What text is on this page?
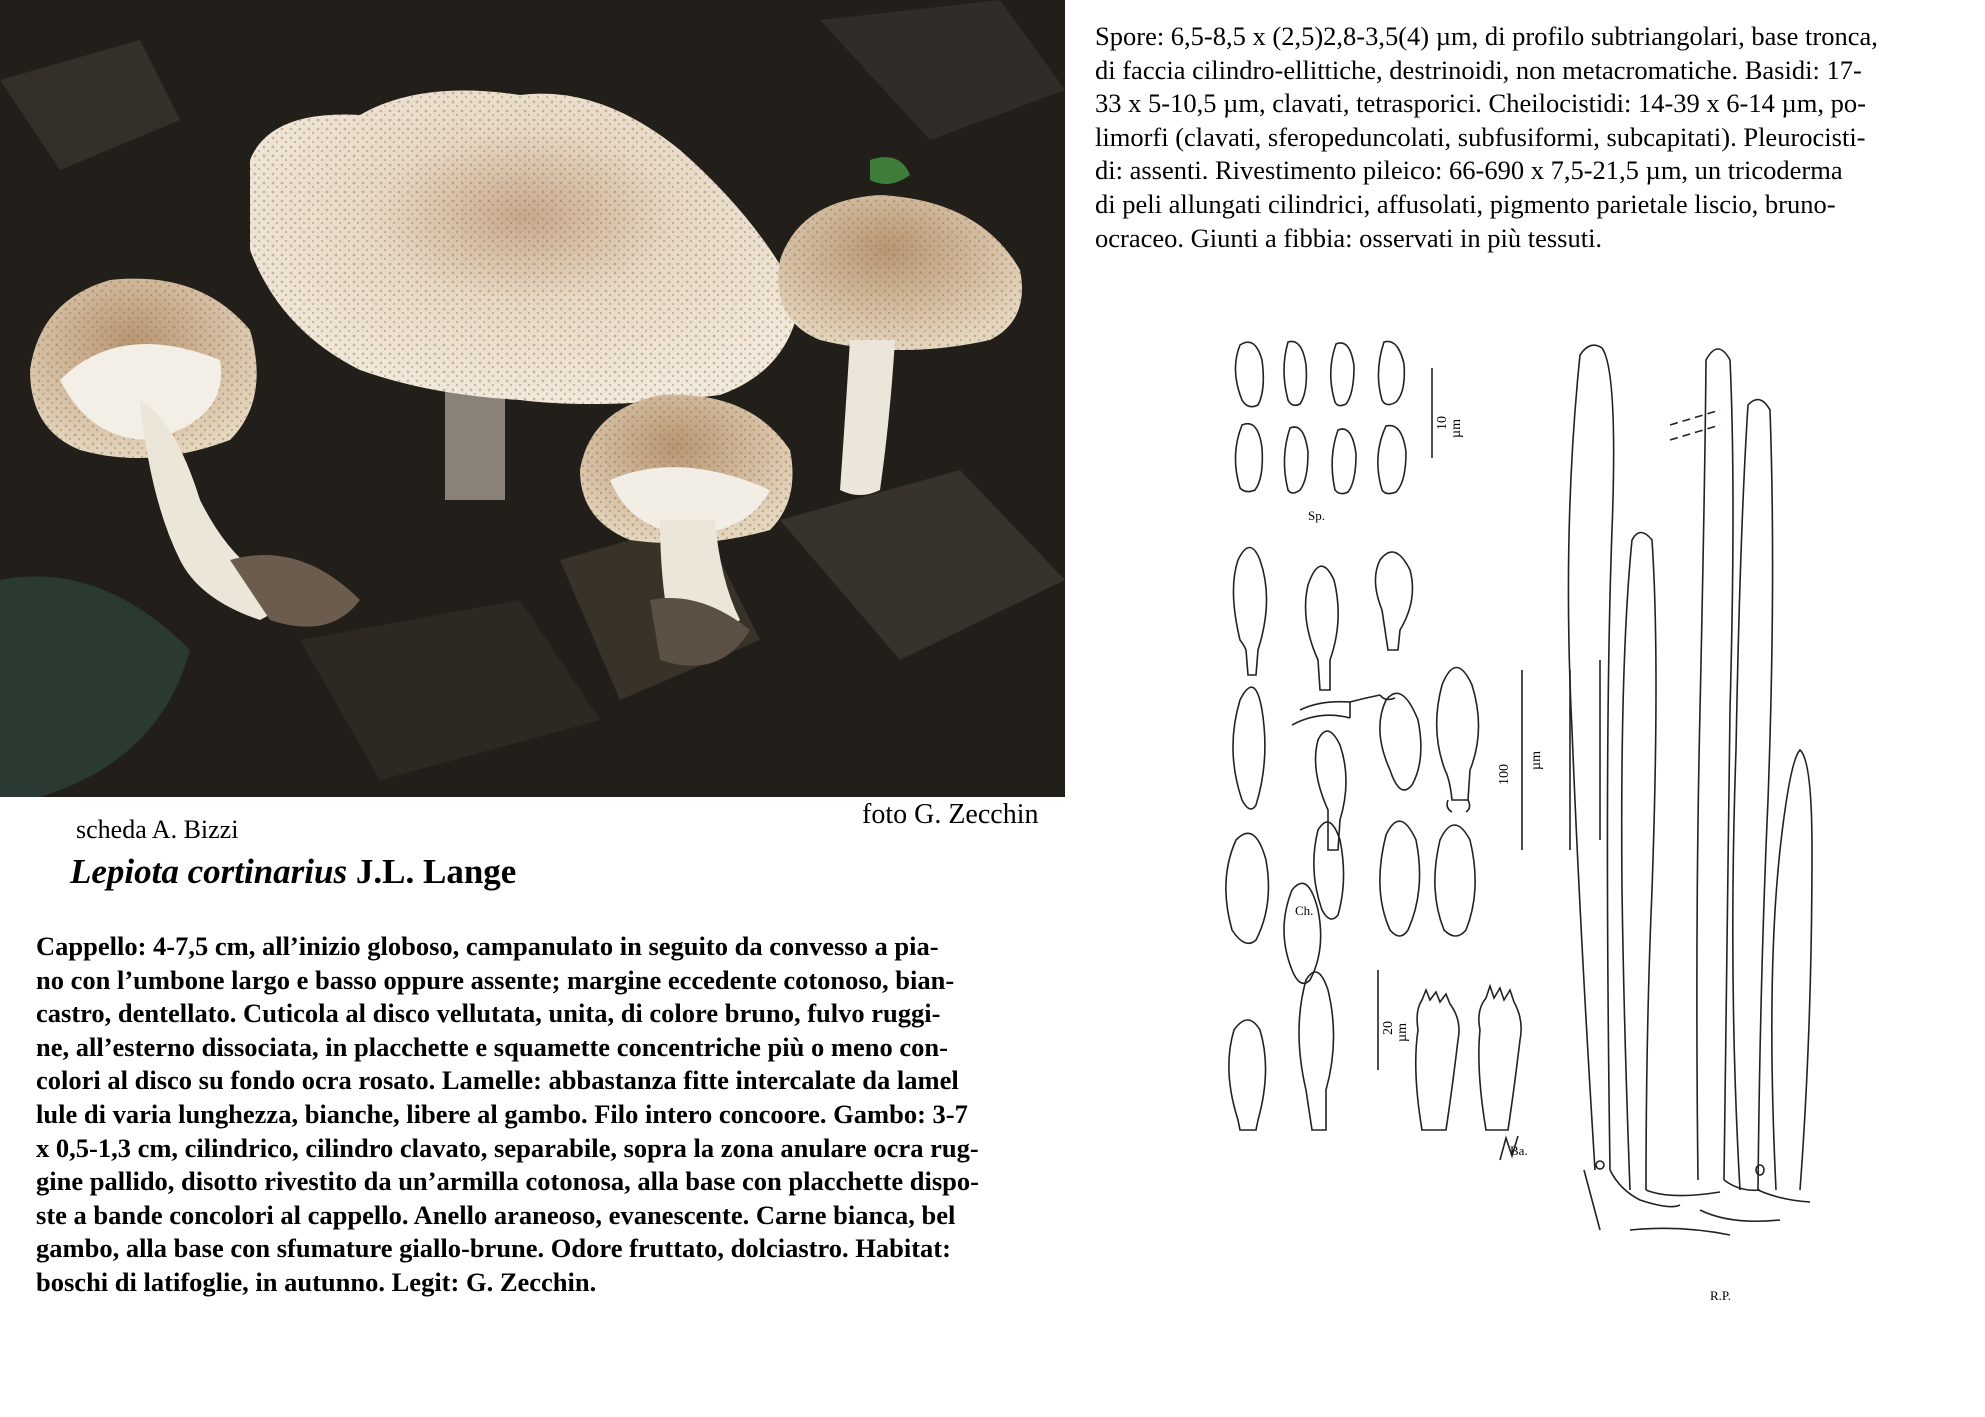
foto G. Zecchin
scheda A. Bizzi
Lepiota cortinarius J.L. Lange
Cappello: 4-7,5 cm, all’inizio globoso, campanulato in seguito da convesso a pia-
no con l’umbone largo e basso oppure assente; margine eccedente cotonoso, bian-
castro, dentellato. Cuticola al disco vellutata, unita, di colore bruno, fulvo ruggi-
ne, all’esterno dissociata, in placchette e squamette concentriche più o meno con-
colori al disco su fondo ocra rosato. Lamelle: abbastanza fitte intercalate da lamel
lule di varia lunghezza, bianche, libere al gambo. Filo intero concoore. Gambo: 3-7
x 0,5-1,3 cm, cilindrico, cilindro clavato, separabile, sopra la zona anulare ocra rug-
gine pallido, disotto rivestito da un’armilla cotonosa, alla base con placchette dispo-
ste a bande concolori al cappello. Anello araneoso, evanescente. Carne bianca, bel
gambo, alla base con sfumature giallo-brune. Odore fruttato, dolciastro. Habitat:
boschi di latifoglie, in autunno. Legit: G. Zecchin.
Spore: 6,5-8,5 x (2,5)2,8-3,5(4) µm, di profilo subtriangolari, base tronca,
di faccia cilindro-ellittiche, destrinoidi, non metacromatiche. Basidi: 17-
33 x 5-10,5 µm, clavati, tetrasporici. Cheilocistidi: 14-39 x 6-14 µm, po-
limorfi (clavati, sferopeduncolati, subfusiformi, subcapitati). Pleurocisti-
di: assenti. Rivestimento pileico: 66-690 x 7,5-21,5 µm, un tricoderma
di peli allungati cilindrici, affusolati, pigmento parietale liscio, bruno-
ocraceo. Giunti a fibbia: osservati in più tessuti.
10 µm
Sp.
Ch.
20 µm
Ba.
100
µm
R.P.
